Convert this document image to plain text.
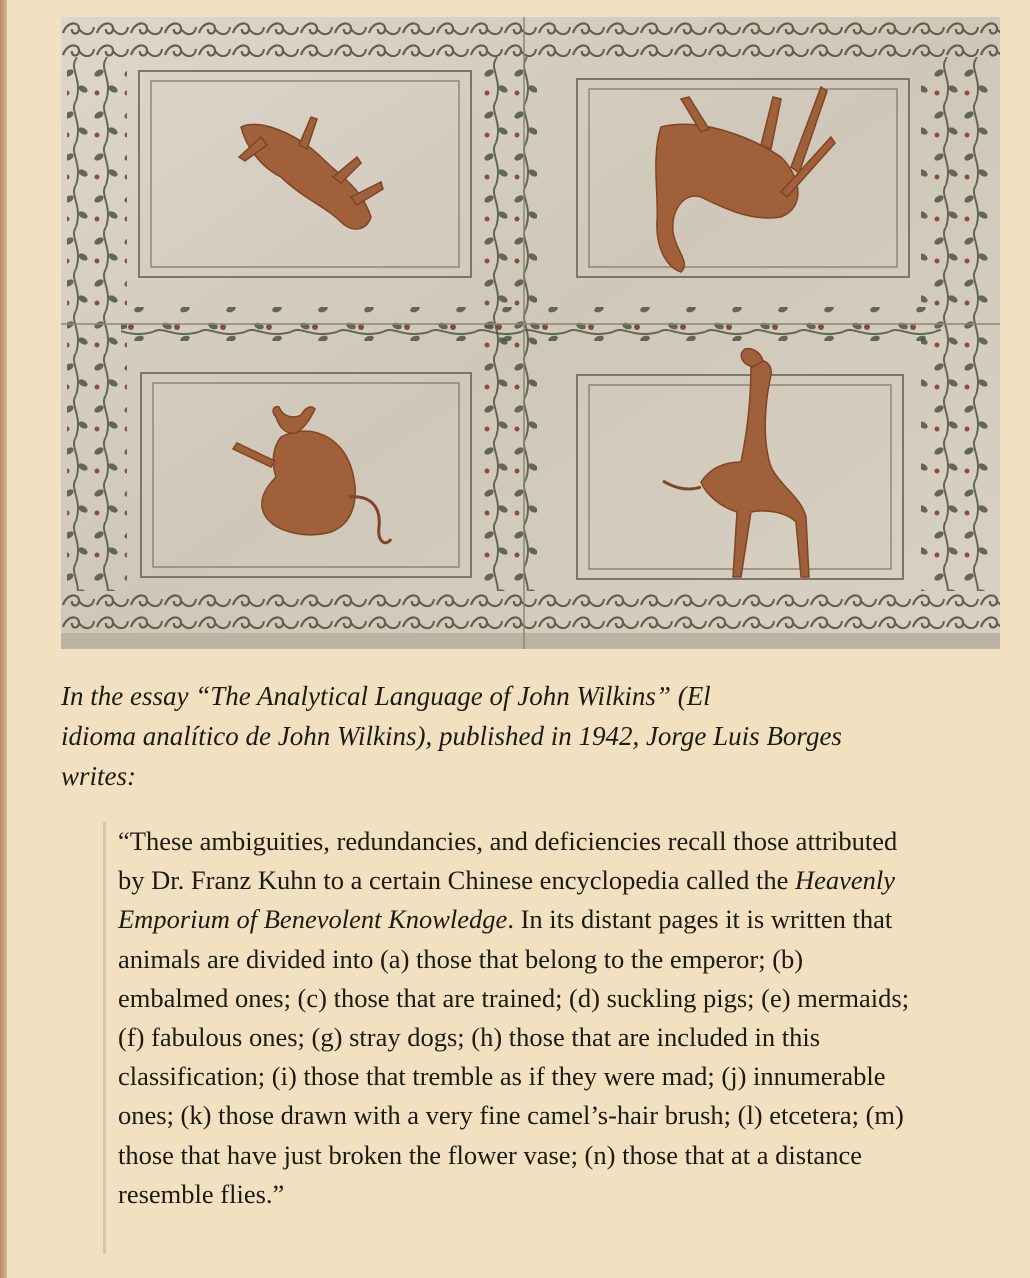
In the essay “The Analytical Language of John Wilkins” (El
idioma analítico de John Wilkins), published in 1942, Jorge Luis Borges
writes:

“These ambiguities, redundancies, and deficiencies recall those attributed by Dr. Franz Kuhn to a certain Chinese encyclopedia called the Heavenly Emporium of Benevolent Knowledge. In its distant pages it is written that animals are divided into (a) those that belong to the emperor; (b) embalmed ones; (c) those that are trained; (d) suckling pigs; (e) mermaids; (f) fabulous ones; (g) stray dogs; (h) those that are included in this classification; (i) those that tremble as if they were mad; (j) innumerable ones; (k) those drawn with a very fine camel’s-hair brush; (l) etcetera; (m) those that have just broken the flower vase; (n) those that at a distance resemble flies.”
